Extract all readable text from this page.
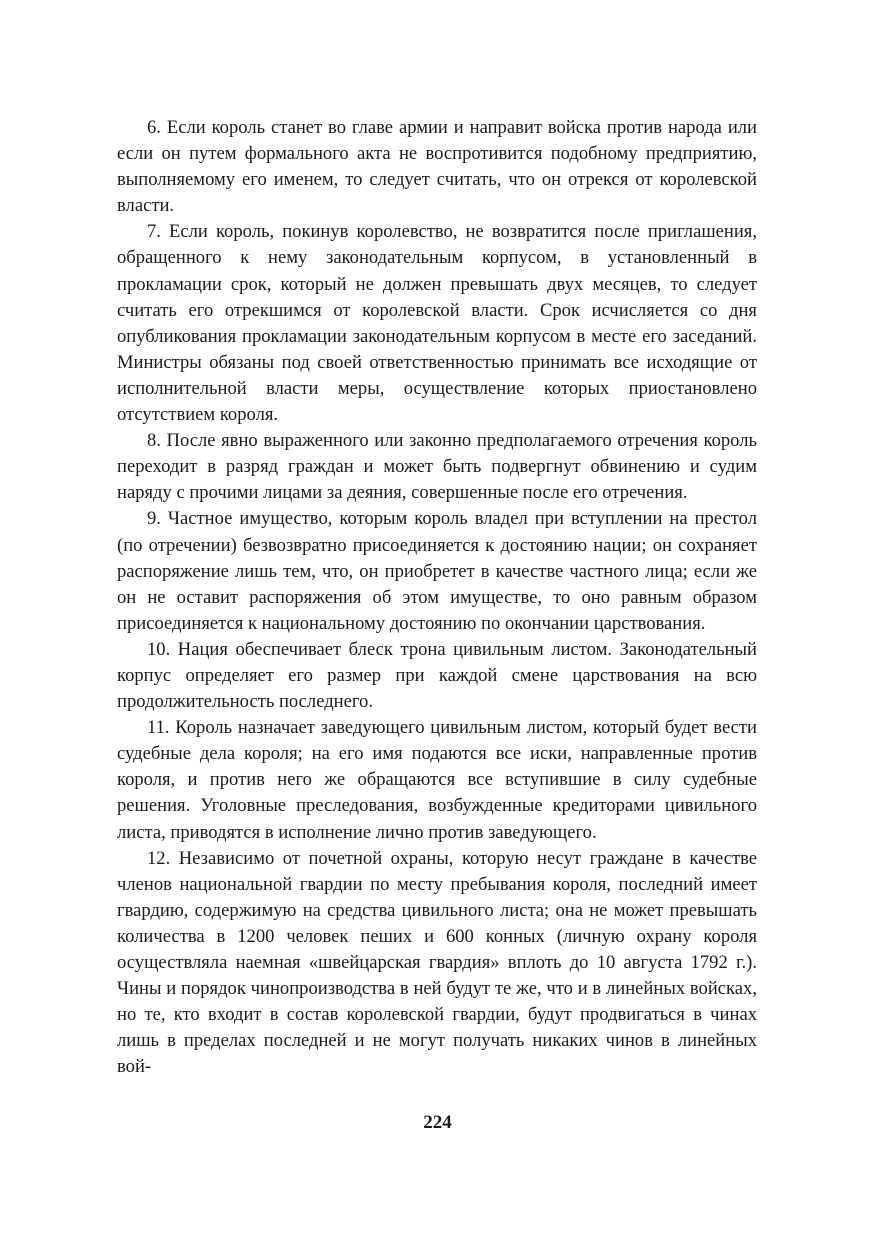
6. Если король станет во главе армии и направит войска против народа или если он путем формального акта не воспротивится подобному предприятию, выполняемому его именем, то следует считать, что он отрекся от королевской власти.

7. Если король, покинув королевство, не возвратится после приглашения, обращенного к нему законодательным корпусом, в установленный в прокламации срок, который не должен превышать двух месяцев, то следует считать его отрекшимся от королевской власти. Срок исчисляется со дня опубликования прокламации законодательным корпусом в месте его заседаний. Министры обязаны под своей ответственностью принимать все исходящие от исполнительной власти меры, осуществление которых приостановлено отсутствием короля.

8. После явно выраженного или законно предполагаемого отречения король переходит в разряд граждан и может быть подвергнут обвинению и судим наряду с прочими лицами за деяния, совершенные после его отречения.

9. Частное имущество, которым король владел при вступлении на престол (по отречении) безвозвратно присоединяется к достоянию нации; он сохраняет распоряжение лишь тем, что, он приобретет в качестве частного лица; если же он не оставит распоряжения об этом имуществе, то оно равным образом присоединяется к национальному достоянию по окончании царствования.

10. Нация обеспечивает блеск трона цивильным листом. Законодательный корпус определяет его размер при каждой смене царствования на всю продолжительность последнего.

11. Король назначает заведующего цивильным листом, который будет вести судебные дела короля; на его имя подаются все иски, направленные против короля, и против него же обращаются все вступившие в силу судебные решения. Уголовные преследования, возбужденные кредиторами цивильного листа, приводятся в исполнение лично против заведующего.

12. Независимо от почетной охраны, которую несут граждане в качестве членов национальной гвардии по месту пребывания короля, последний имеет гвардию, содержимую на средства цивильного листа; она не может превышать количества в 1200 человек пеших и 600 конных (личную охрану короля осуществляла наемная «швейцарская гвардия» вплоть до 10 августа 1792 г.). Чины и порядок чинопроизводства в ней будут те же, что и в линейных войсках, но те, кто входит в состав королевской гвардии, будут продвигаться в чинах лишь в пределах последней и не могут получать никаких чинов в линейных вой-

224
